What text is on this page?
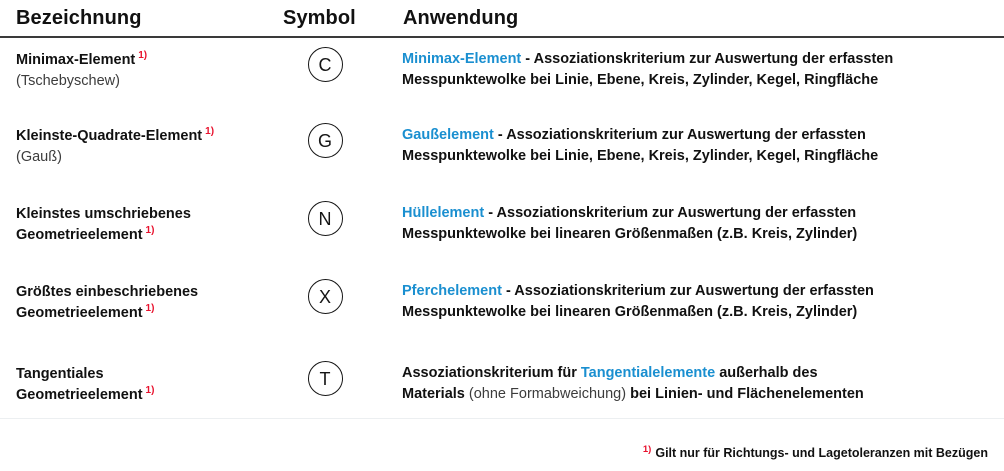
Bezeichnung	Symbol Anwendung
Minimax-Element $^{1)}$
(Tschebyschew)
C	Minimax-Element - Assoziationskriterium zur Auswertung der erfassten
Messpunktewolke bei Linie, Ebene, Kreis, Zylinder, Kegel, Ringfläche
Kleinste-Quadrate-Element $^{1)}$
(Gauß)
G	Gaußelement - Assoziationskriterium zur Auswertung der erfassten
Messpunktewolke bei Linie, Ebene, Kreis, Zylinder, Kegel, Ringfläche
Kleinstes umschriebenes
Geometrieelement $^{1)}$
N	Hüllelement - Assoziationskriterium zur Auswertung der erfassten
Messpunktewolke bei linearen Größenmaßen (z.B. Kreis, Zylinder)
Größtes einbeschriebenes
Geometrieelement $^{1)}$
X	Pferchelement - Assoziationskriterium zur Auswertung der erfassten
Messpunktewolke bei linearen Größenmaßen (z.B. Kreis, Zylinder)
Tangentiales
Geometrieelement $^{1)}$
T	Assoziationskriterium für Tangentialelemente außerhalb des
Materials (ohne Formabweichung) bei Linien- und Flächenelementen
$^{1)}$ Gilt nur für Richtungs- und Lagetoleranzen mit Bezügen
